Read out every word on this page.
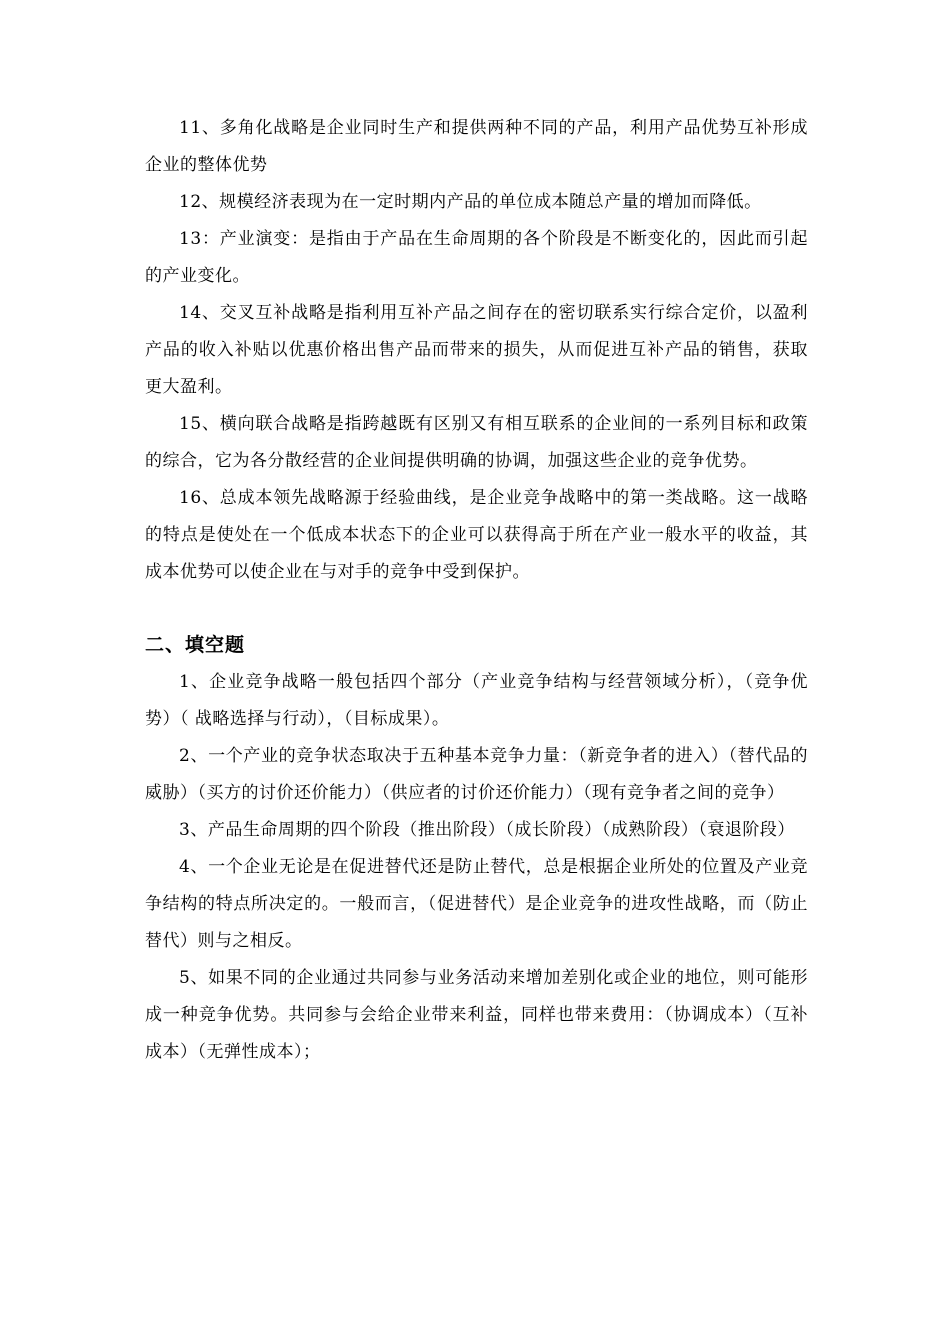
11、多角化战略是企业同时生产和提供两种不同的产品，利用产品优势互补形成企业的整体优势

12、规模经济表现为在一定时期内产品的单位成本随总产量的增加而降低。

13：产业演变：是指由于产品在生命周期的各个阶段是不断变化的，因此而引起的产业变化。

14、交叉互补战略是指利用互补产品之间存在的密切联系实行综合定价，以盈利产品的收入补贴以优惠价格出售产品而带来的损失，从而促进互补产品的销售，获取更大盈利。

15、横向联合战略是指跨越既有区别又有相互联系的企业间的一系列目标和政策的综合，它为各分散经营的企业间提供明确的协调，加强这些企业的竞争优势。

16、总成本领先战略源于经验曲线，是企业竞争战略中的第一类战略。这一战略的特点是使处在一个低成本状态下的企业可以获得高于所在产业一般水平的收益，其成本优势可以使企业在与对手的竞争中受到保护。

二、填空题

1、企业竞争战略一般包括四个部分（产业竞争结构与经营领域分析），（竞争优势）（ 战略选择与行动），（目标成果）。

2、一个产业的竞争状态取决于五种基本竞争力量：（新竞争者的进入）（替代品的威胁）（买方的讨价还价能力）（供应者的讨价还价能力）（现有竞争者之间的竞争）

3、产品生命周期的四个阶段（推出阶段）（成长阶段）（成熟阶段）（衰退阶段）

4、一个企业无论是在促进替代还是防止替代，总是根据企业所处的位置及产业竞争结构的特点所决定的。一般而言，（促进替代）是企业竞争的进攻性战略，而（防止替代）则与之相反。

5、如果不同的企业通过共同参与业务活动来增加差别化或企业的地位，则可能形成一种竞争优势。共同参与会给企业带来利益，同样也带来费用：（协调成本）（互补成本）（无弹性成本）；
